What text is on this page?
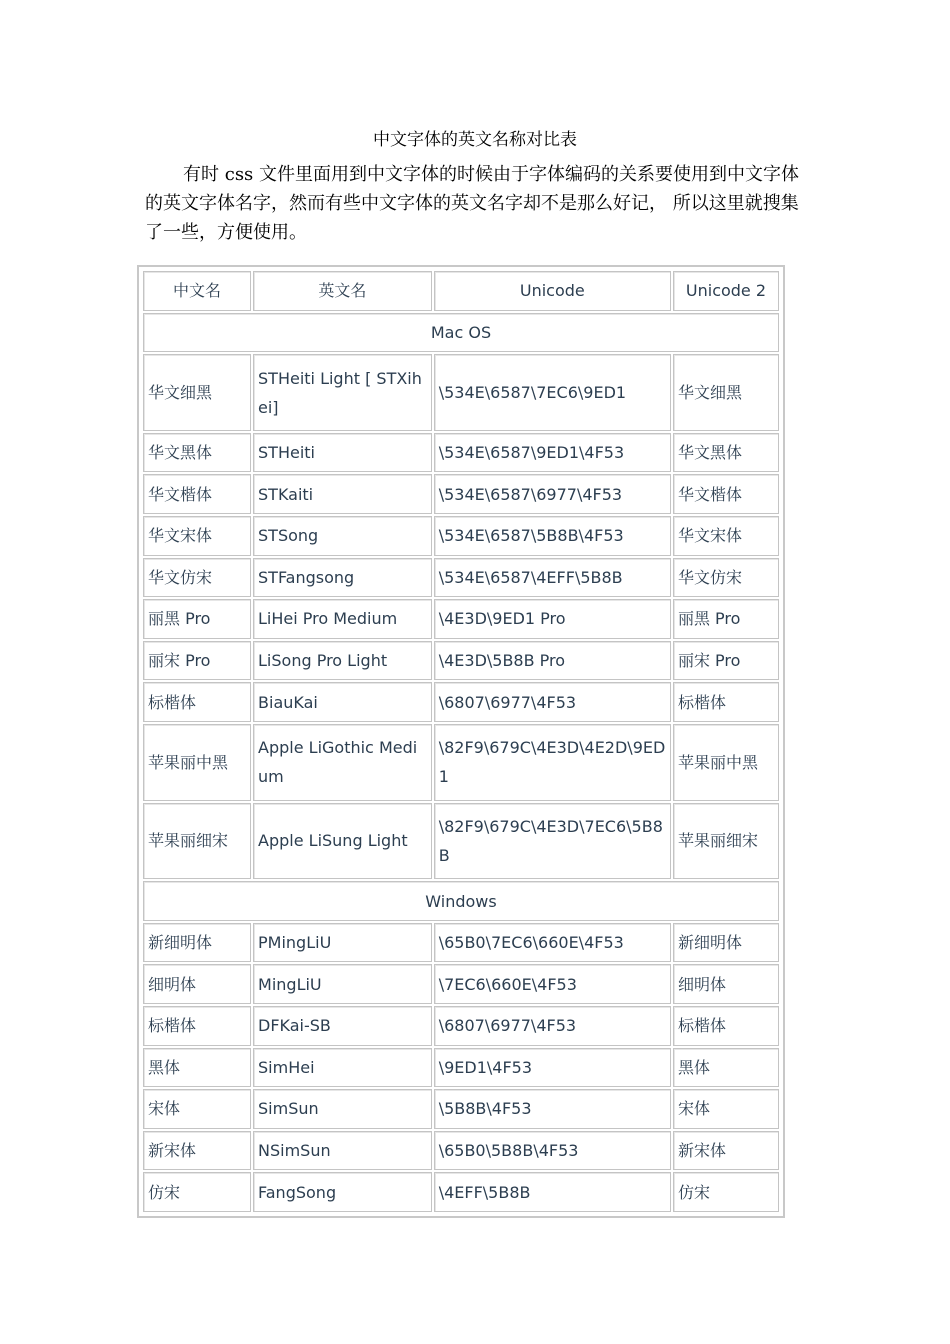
中文字体的英文名称对比表

有时 css 文件里面用到中文字体的时候由于字体编码的关系要使用到中文字体的英文字体名字，然而有些中文字体的英文名字却不是那么好记， 所以这里就搜集了一些，方便使用。

中文名	英文名	Unicode	Unicode 2
Mac OS			
华文细黑	STHeiti Light [ STXihei]	\534E\6587\7EC6\9ED1	华文细黑
华文黑体	STHeiti	\534E\6587\9ED1\4F53	华文黑体
华文楷体	STKaiti	\534E\6587\6977\4F53	华文楷体
华文宋体	STSong	\534E\6587\5B8B\4F53	华文宋体
华文仿宋	STFangsong	\534E\6587\4EFF\5B8B	华文仿宋
丽黑 Pro	LiHei Pro Medium	\4E3D\9ED1 Pro	丽黑 Pro
丽宋 Pro	LiSong Pro Light	\4E3D\5B8B Pro	丽宋 Pro
标楷体	BiauKai	\6807\6977\4F53	标楷体
苹果丽中黑	Apple LiGothic Medium	\82F9\679C\4E3D\4E2D\9ED1	苹果丽中黑
苹果丽细宋	Apple LiSung Light	\82F9\679C\4E3D\7EC6\5B8B	苹果丽细宋
Windows			
新细明体	PMingLiU	\65B0\7EC6\660E\4F53	新细明体
细明体	MingLiU	\7EC6\660E\4F53	细明体
标楷体	DFKai-SB	\6807\6977\4F53	标楷体
黑体	SimHei	\9ED1\4F53	黑体
宋体	SimSun	\5B8B\4F53	宋体
新宋体	NSimSun	\65B0\5B8B\4F53	新宋体
仿宋	FangSong	\4EFF\5B8B	仿宋
